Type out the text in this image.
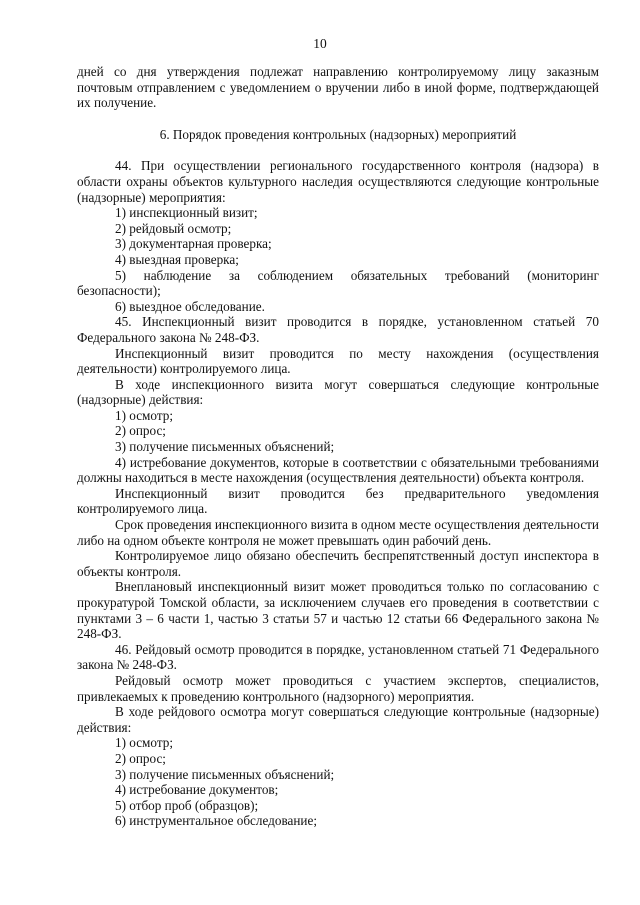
10

дней со дня утверждения подлежат направлению контролируемому лицу заказным почтовым отправлением с уведомлением о вручении либо в иной форме, подтверждающей их получение.

6. Порядок проведения контрольных (надзорных) мероприятий

44. При осуществлении регионального государственного контроля (надзора) в области охраны объектов культурного наследия осуществляются следующие контрольные (надзорные) мероприятия:

1) инспекционный визит;

2) рейдовый осмотр;

3) документарная проверка;

4) выездная проверка;

5) наблюдение за соблюдением обязательных требований (мониторинг безопасности);

6) выездное обследование.

45. Инспекционный визит проводится в порядке, установленном статьей 70 Федерального закона № 248-ФЗ.

Инспекционный визит проводится по месту нахождения (осуществления деятельности) контролируемого лица.

В ходе инспекционного визита могут совершаться следующие контрольные (надзорные) действия:

1) осмотр;

2) опрос;

3) получение письменных объяснений;

4) истребование документов, которые в соответствии с обязательными требованиями должны находиться в месте нахождения (осуществления деятельности) объекта контроля.

Инспекционный визит проводится без предварительного уведомления контролируемого лица.

Срок проведения инспекционного визита в одном месте осуществления деятельности либо на одном объекте контроля не может превышать один рабочий день.

Контролируемое лицо обязано обеспечить беспрепятственный доступ инспектора в объекты контроля.

Внеплановый инспекционный визит может проводиться только по согласованию с прокуратурой Томской области, за исключением случаев его проведения в соответствии с пунктами 3 – 6 части 1, частью 3 статьи 57 и частью 12 статьи 66 Федерального закона № 248-ФЗ.

46. Рейдовый осмотр проводится в порядке, установленном статьей 71 Федерального закона № 248-ФЗ.

Рейдовый осмотр может проводиться с участием экспертов, специалистов, привлекаемых к проведению контрольного (надзорного) мероприятия.

В ходе рейдового осмотра могут совершаться следующие контрольные (надзорные) действия:

1) осмотр;

2) опрос;

3) получение письменных объяснений;

4) истребование документов;

5) отбор проб (образцов);

6) инструментальное обследование;
